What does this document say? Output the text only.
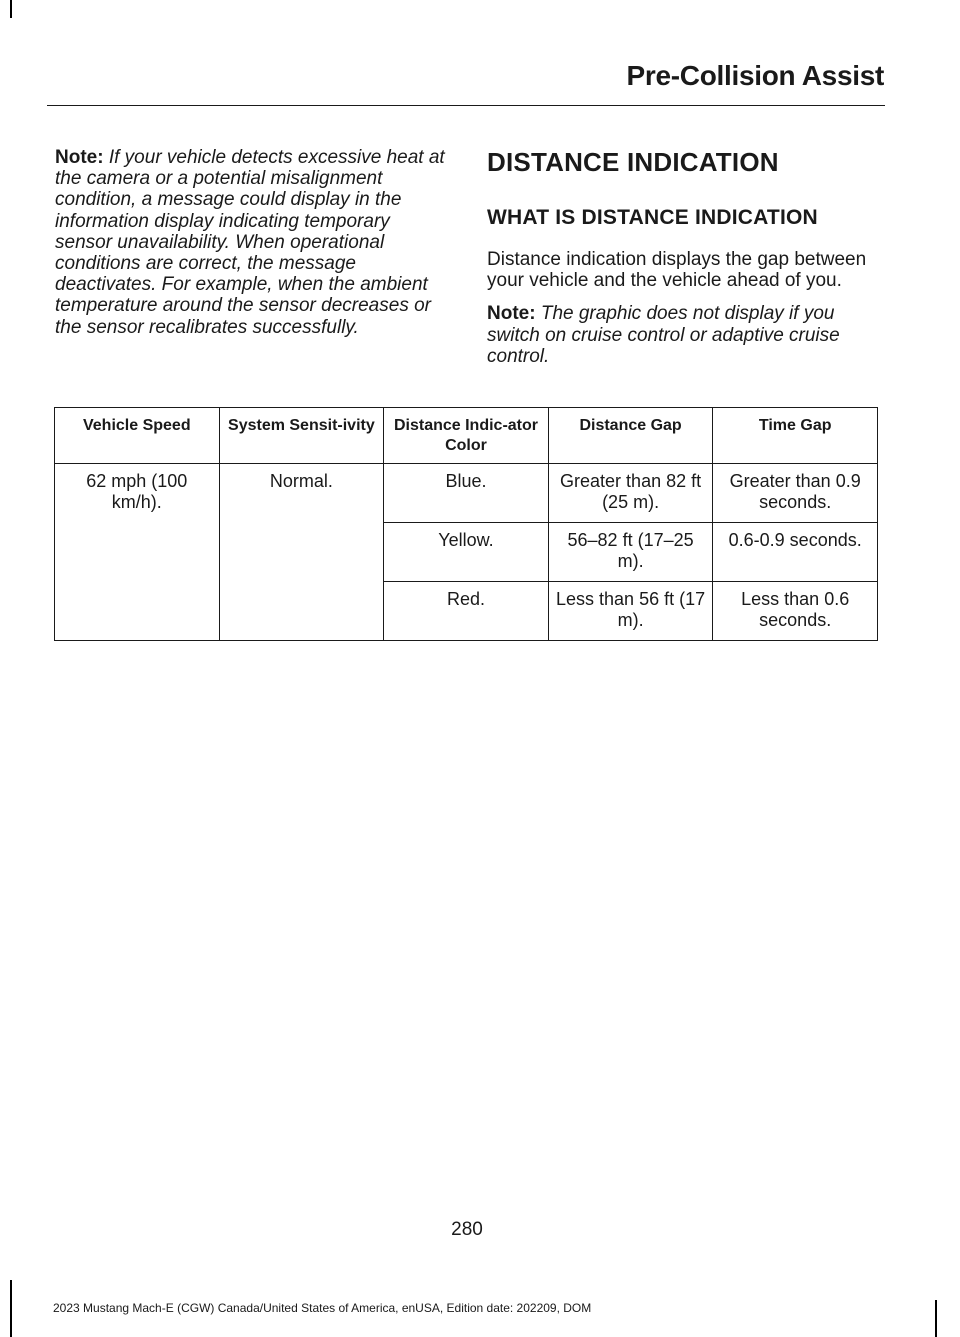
Pre-Collision Assist

Note: If your vehicle detects excessive heat at the camera or a potential misalignment condition, a message could display in the information display indicating temporary sensor unavailability. When operational conditions are correct, the message deactivates. For example, when the ambient temperature around the sensor decreases or the sensor recalibrates successfully.

DISTANCE INDICATION
WHAT IS DISTANCE INDICATION

Distance indication displays the gap between your vehicle and the vehicle ahead of you.

Note: The graphic does not display if you switch on cruise control or adaptive cruise control.

Vehicle Speed	System Sensit-ivity	Distance Indic-ator Color	Distance Gap	Time Gap
62 mph (100 km/h).	Normal.	Blue.	Greater than 82 ft (25 m).	Greater than 0.9 seconds.
		Yellow.	56–82 ft (17–25 m).	0.6-0.9 seconds.
		Red.	Less than 56 ft (17 m).	Less than 0.6 seconds.
280
2023 Mustang Mach-E (CGW) Canada/United States of America, enUSA, Edition date: 202209, DOM
